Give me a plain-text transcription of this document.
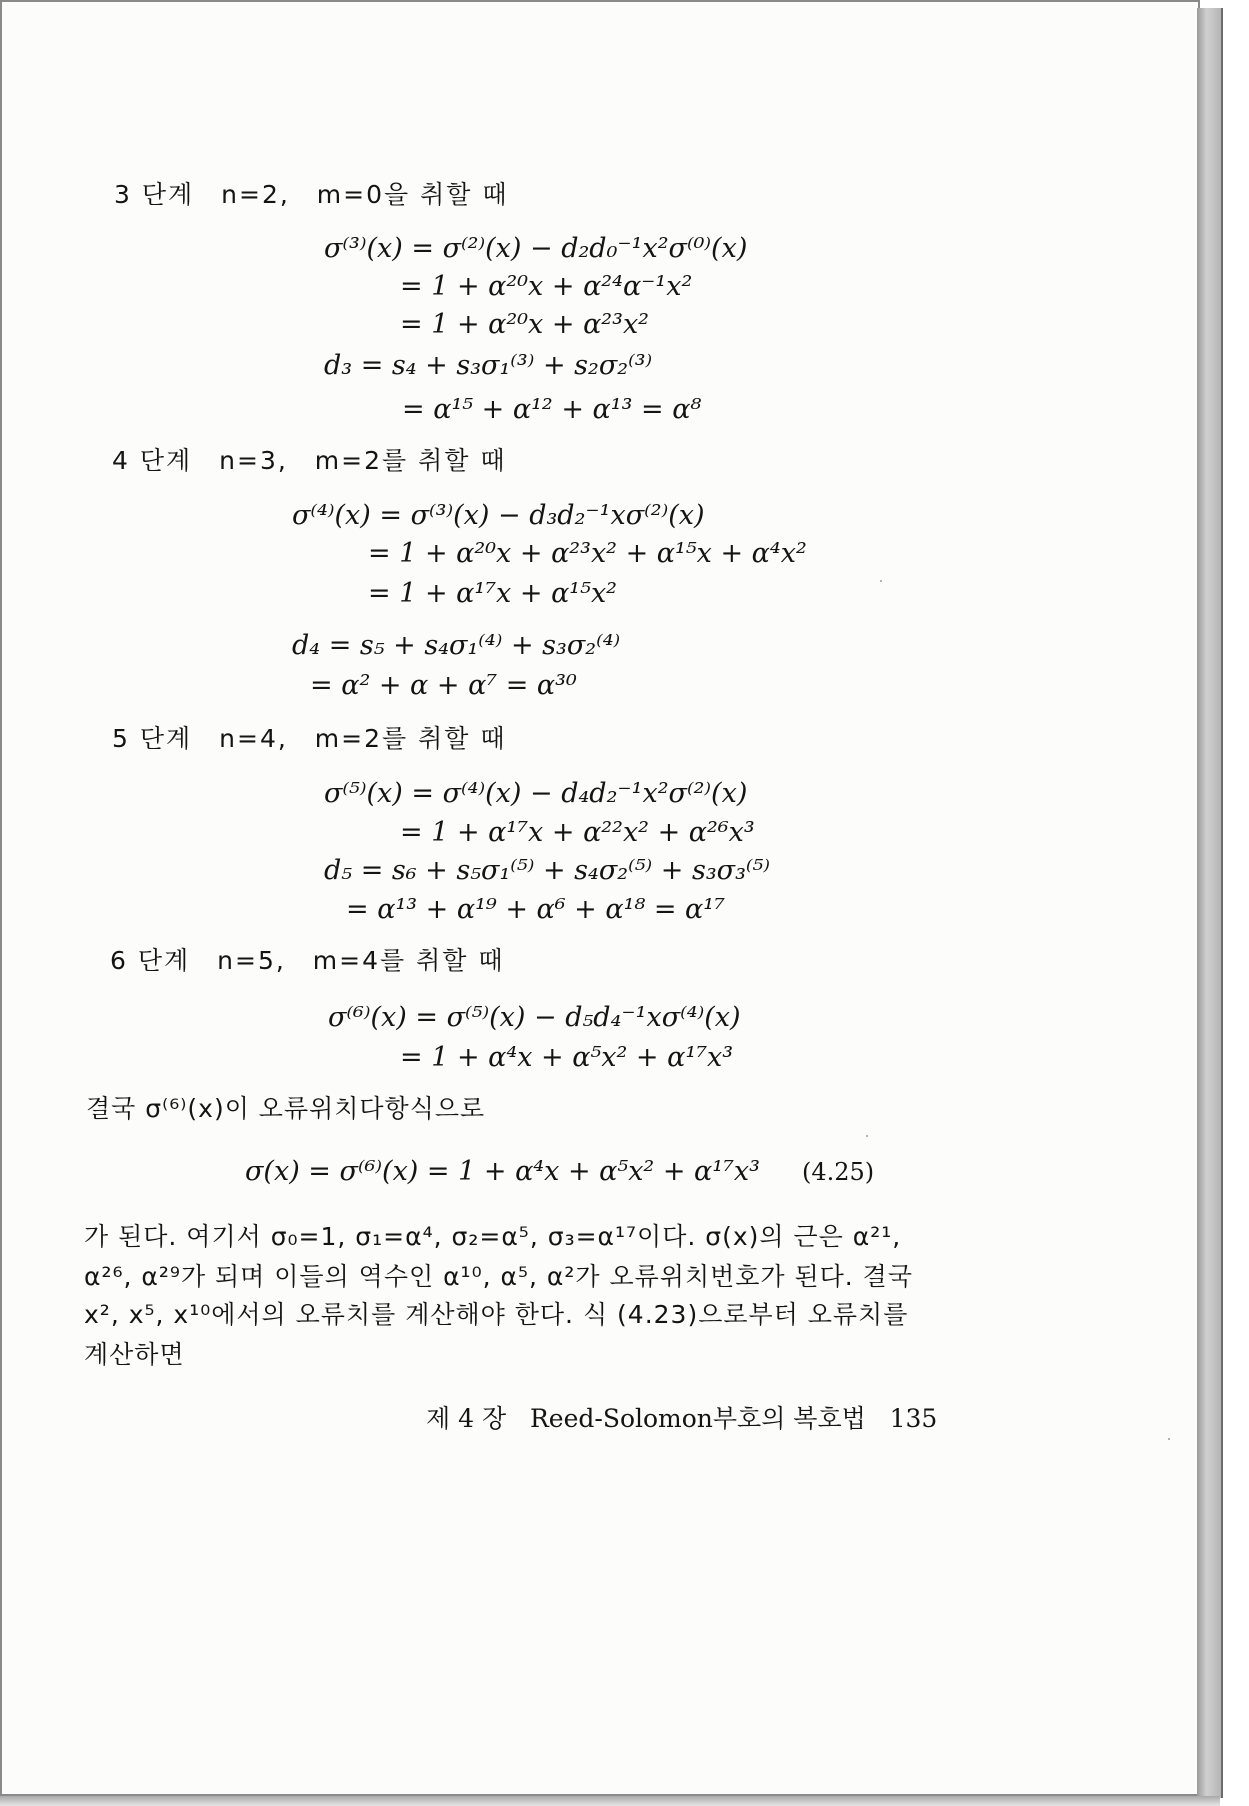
3 단계　n=2,　m=0을 취할 때
σ⁽³⁾(x) = σ⁽²⁾(x) − d₂d₀⁻¹x²σ⁽⁰⁾(x)
= 1 + α²⁰x + α²⁴α⁻¹x²
= 1 + α²⁰x + α²³x²
d₃ = s₄ + s₃σ₁⁽³⁾ + s₂σ₂⁽³⁾
= α¹⁵ + α¹² + α¹³ = α⁸
4 단계　n=3,　m=2를 취할 때
σ⁽⁴⁾(x) = σ⁽³⁾(x) − d₃d₂⁻¹xσ⁽²⁾(x)
= 1 + α²⁰x + α²³x² + α¹⁵x + α⁴x²
= 1 + α¹⁷x + α¹⁵x²
d₄ = s₅ + s₄σ₁⁽⁴⁾ + s₃σ₂⁽⁴⁾
= α² + α + α⁷ = α³⁰
5 단계　n=4,　m=2를 취할 때
σ⁽⁵⁾(x) = σ⁽⁴⁾(x) − d₄d₂⁻¹x²σ⁽²⁾(x)
= 1 + α¹⁷x + α²²x² + α²⁶x³
d₅ = s₆ + s₅σ₁⁽⁵⁾ + s₄σ₂⁽⁵⁾ + s₃σ₃⁽⁵⁾
= α¹³ + α¹⁹ + α⁶ + α¹⁸ = α¹⁷
6 단계　n=5,　m=4를 취할 때
σ⁽⁶⁾(x) = σ⁽⁵⁾(x) − d₅d₄⁻¹xσ⁽⁴⁾(x)
= 1 + α⁴x + α⁵x² + α¹⁷x³
결국 σ⁽⁶⁾(x)이 오류위치다항식으로
σ(x) = σ⁽⁶⁾(x) = 1 + α⁴x + α⁵x² + α¹⁷x³ (4.25)
가 된다. 여기서 σ₀=1, σ₁=α⁴, σ₂=α⁵, σ₃=α¹⁷이다. σ(x)의 근은 α²¹,
α²⁶, α²⁹가 되며 이들의 역수인 α¹⁰, α⁵, α²가 오류위치번호가 된다. 결국
x², x⁵, x¹⁰에서의 오류치를 계산해야 한다. 식 (4.23)으로부터 오류치를
계산하면
제 4 장 Reed-Solomon부호의 복호법 135
